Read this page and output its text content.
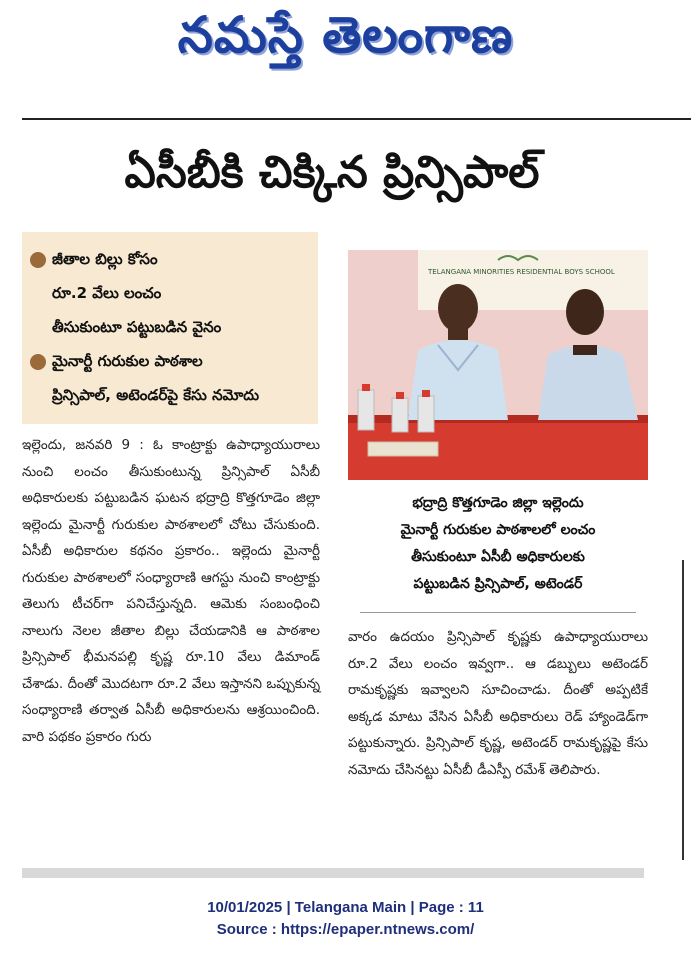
నమస్తే తెలంగాణ
ఏసీబీకి చిక్కిన ప్రిన్సిపాల్
జీతాల బిల్లు కోసం
రూ.2 వేలు లంచం
తీసుకుంటూ పట్టుబడిన వైనం
మైనార్టీ గురుకుల పాఠశాల
ప్రిన్సిపాల్, అటెండర్‌పై కేసు నమోదు

ఇల్లెందు, జనవరి 9 : ఓ కాంట్రాక్టు ఉపాధ్యాయురాలు నుంచి లంచం తీసుకుంటున్న ప్రిన్సిపాల్ ఏసీబీ అధికారులకు పట్టుబడిన ఘటన భద్రాద్రి కొత్తగూడెం జిల్లా ఇల్లెందు మైనార్టీ గురుకుల పాఠశాలలో చోటు చేసుకుంది. ఏసీబీ అధికారుల కథనం ప్రకారం.. ఇల్లెందు మైనార్టీ గురుకుల పాఠశాలలో సంధ్యారాణి ఆగస్టు నుంచి కాంట్రాక్టు తెలుగు టీచర్‌గా పనిచేస్తున్నది. ఆమెకు సంబంధించి నాలుగు నెలల జీతాల బిల్లు చేయడానికి ఆ పాఠశాల ప్రిన్సిపాల్ భీమనపల్లి కృష్ణ రూ.10 వేలు డిమాండ్ చేశాడు. దీంతో మొదటగా రూ.2 వేలు ఇస్తానని ఒప్పుకున్న సంధ్యారాణి తర్వాత ఏసీబీ అధికారులను ఆశ్రయించింది. వారి పథకం ప్రకారం గురు

TELANGANA MINORITIES RESIDENTIAL BOYS SCHOOL
భద్రాద్రి కొత్తగూడెం జిల్లా ఇల్లెందు
మైనార్టీ గురుకుల పాఠశాలలో లంచం
తీసుకుంటూ ఏసీబీ అధికారులకు
పట్టుబడిన ప్రిన్సిపాల్, అటెండర్

వారం ఉదయం ప్రిన్సిపాల్ కృష్ణకు ఉపాధ్యాయురాలు రూ.2 వేలు లంచం ఇవ్వగా.. ఆ డబ్బులు అటెండర్ రామకృష్ణకు ఇవ్వాలని సూచించాడు. దీంతో అప్పటికే అక్కడ మాటు వేసిన ఏసీబీ అధికారులు రెడ్ హ్యాండెడ్‌గా పట్టుకున్నారు. ప్రిన్సిపాల్ కృష్ణ, అటెండర్ రామకృష్ణపై కేసు నమోదు చేసినట్టు ఏసీబీ డీఎస్పీ రమేశ్ తెలిపారు.

10/01/2025 | Telangana Main | Page : 11
Source : https://epaper.ntnews.com/
